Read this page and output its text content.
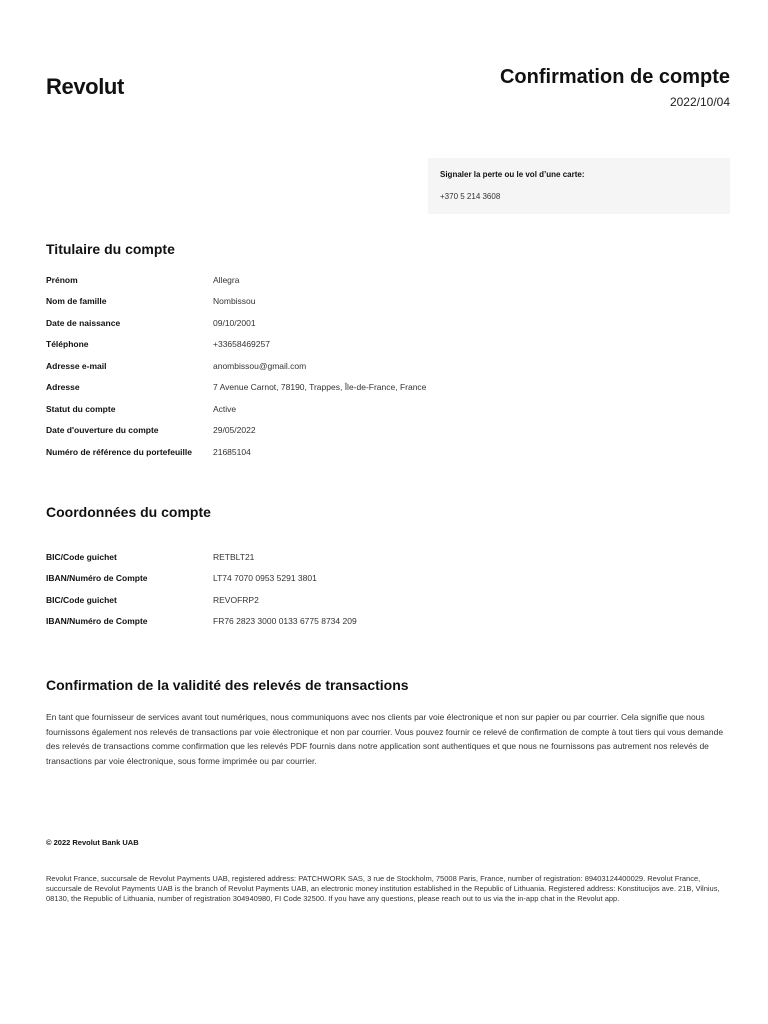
Revolut	Confirmation de compte
2022/10/04
Signaler la perte ou le vol d’une carte:
+370 5 214 3608
Titulaire du compte
Prénom	Allegra
Nom de famille	Nombissou
Date de naissance	09/10/2001
Téléphone	+33658469257
Adresse e-mail	anombissou@gmail.com
Adresse	7 Avenue Carnot, 78190, Trappes, Île-de-France, France
Statut du compte	Active
Date d'ouverture du compte	29/05/2022
Numéro de référence du portefeuille 21685104
Coordonnées du compte
BIC/Code guichet	RETBLT21
IBAN/Numéro de Compte	LT74 7070 0953 5291 3801
BIC/Code guichet	REVOFRP2
IBAN/Numéro de Compte	FR76 2823 3000 0133 6775 8734 209
Confirmation de la validité des relevés de transactions
En tant que fournisseur de services avant tout numériques, nous communiquons avec nos clients par voie électronique et non sur papier ou par courrier. Cela signifie que nous fournissons également nos relevés de transactions par voie électronique et non par courrier. Vous pouvez fournir ce relevé de confirmation de compte à tout tiers qui vous demande des relevés de transactions comme confirmation que les relevés PDF fournis dans notre application sont authentiques et que nous ne fournissons pas autrement nos relevés de transactions par voie électronique, sous forme imprimée ou par courrier.
© 2022 Revolut Bank UAB
Revolut France, succursale de Revolut Payments UAB, registered address: PATCHWORK SAS, 3 rue de Stockholm, 75008 Paris, France, number of registration: 89403124400029. Revolut France, succursale de Revolut Payments UAB is the branch of Revolut Payments UAB, an electronic money institution established in the Republic of Lithuania. Registered address: Konstitucijos ave. 21B, Vilnius, 08130, the Republic of Lithuania, number of registration 304940980, FI Code 32500. If you have any questions, please reach out to us via the in-app chat in the Revolut app.
